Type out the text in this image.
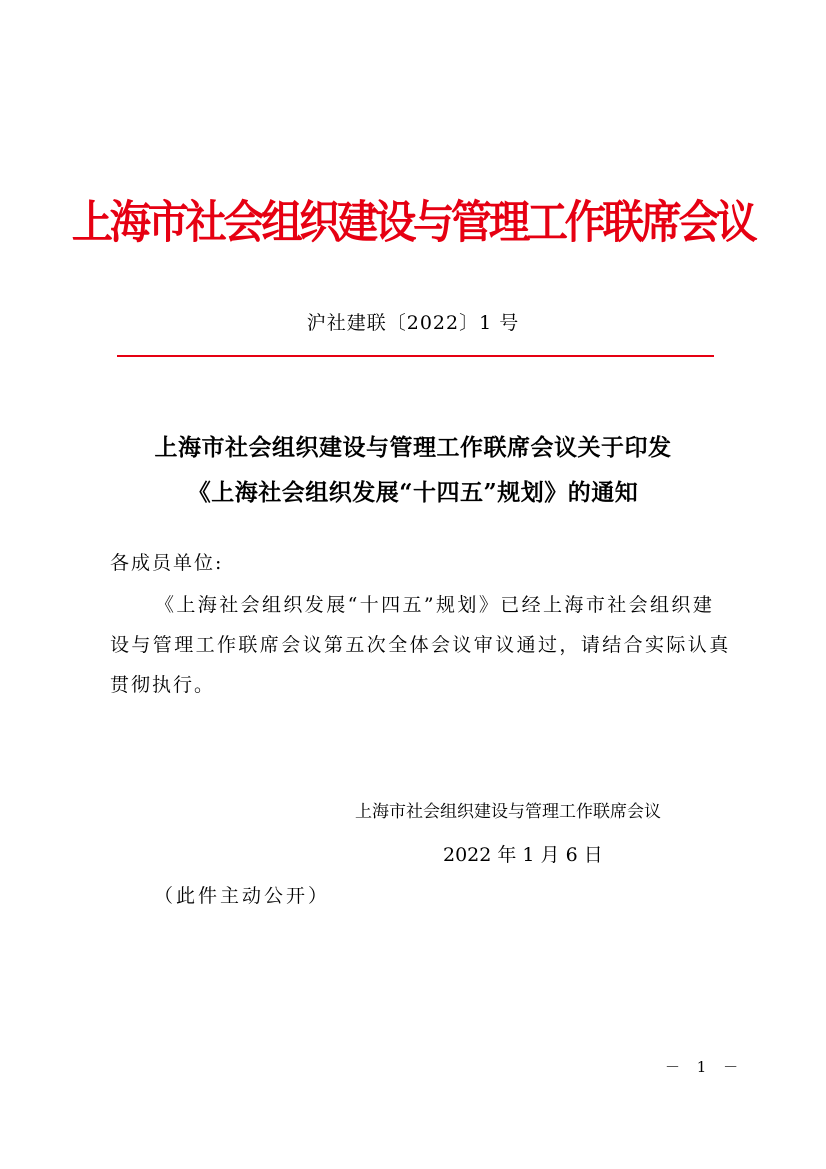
上海市社会组织建设与管理工作联席会议
沪社建联〔2022〕1 号
上海市社会组织建设与管理工作联席会议关于印发
《上海社会组织发展“十四五”规划》的通知
各成员单位:
《上海社会组织发展“十四五”规划》已经上海市社会组织建
设与管理工作联席会议第五次全体会议审议通过，请结合实际认真
贯彻执行。
上海市社会组织建设与管理工作联席会议
2022 年 1 月 6 日
（此件主动公开）
－ 1 －
